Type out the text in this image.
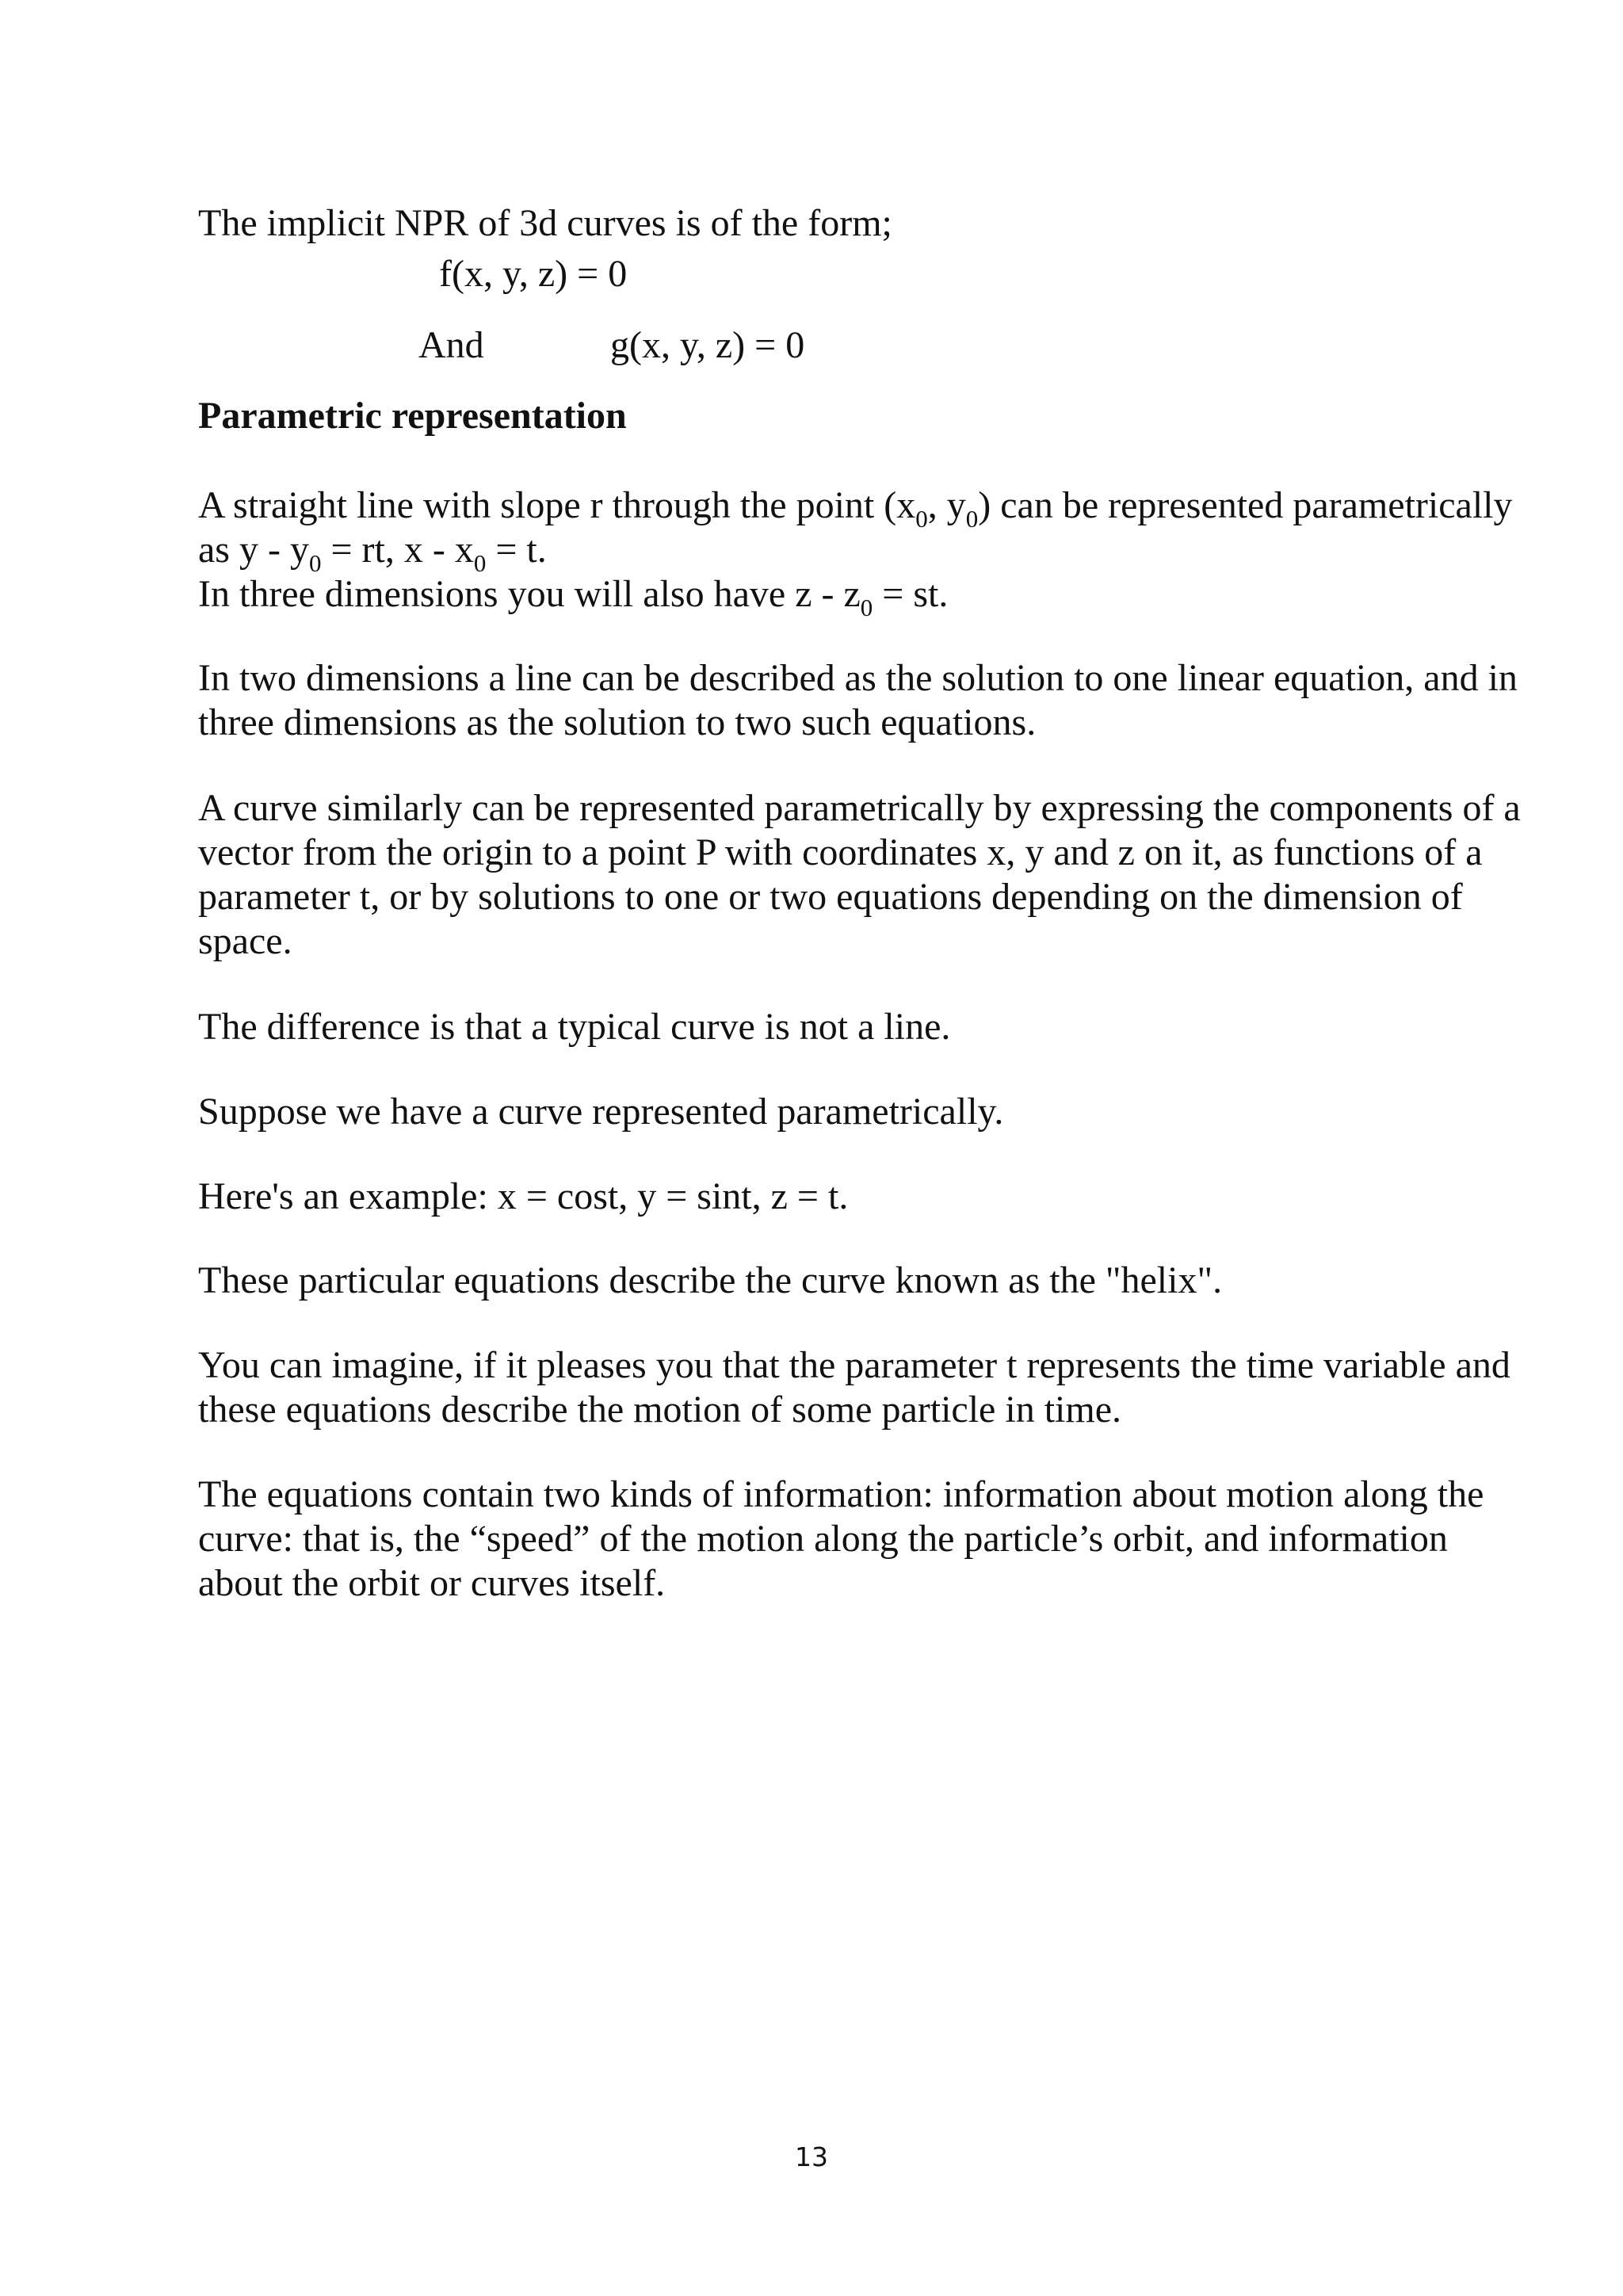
The implicit NPR of 3d curves is of the form;
f(x, y, z) = 0
And	g(x, y, z) = 0
Parametric representation
A straight line with slope r through the point ($x_0$, $y_0$) can be represented parametrically
as y - $y_0$ = rt, $x - x_0 = t$.
In three dimensions you will also have z - $z_0$ = st.
In two dimensions a line can be described as the solution to one linear equation, and in
three dimensions as the solution to two such equations.
A curve similarly can be represented parametrically by expressing the components of a
vector from the origin to a point P with coordinates x, y and z on it, as functions of a
parameter t, or by solutions to one or two equations depending on the dimension of
space.
The difference is that a typical curve is not a line.
Suppose we have a curve represented parametrically.
Here's an example: x = cost, y = sint, z = t.
These particular equations describe the curve known as the "helix".
You can imagine, if it pleases you that the parameter t represents the time variable and
these equations describe the motion of some particle in time.
The equations contain two kinds of information: information about motion along the
curve: that is, the “speed” of the motion along the particle’s orbit, and information
about the orbit or curves itself.
13
